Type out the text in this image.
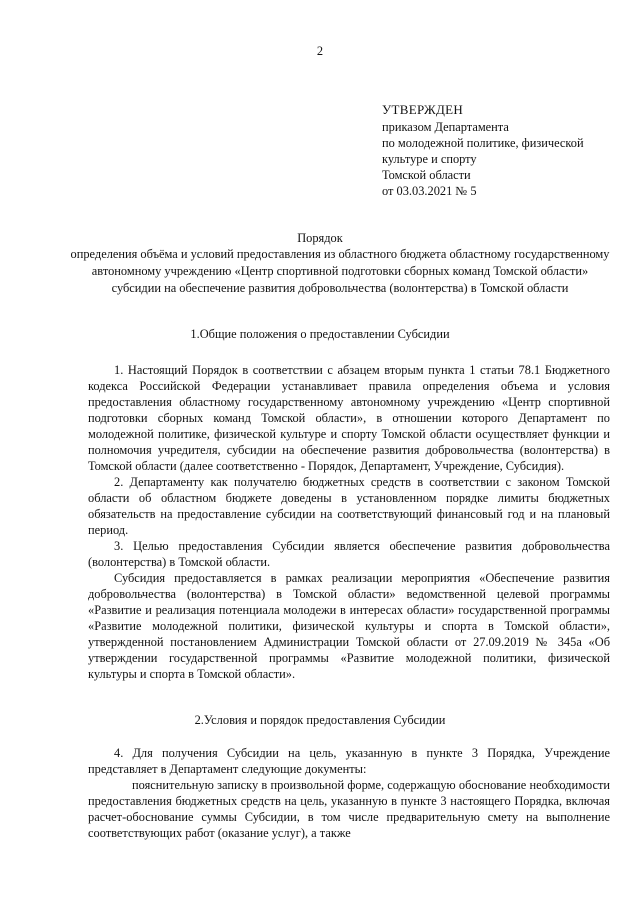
2
УТВЕРЖДЕН
приказом Департамента
по молодежной политике, физической
культуре и спорту
Томской области
от 03.03.2021 № 5
Порядок
определения объёма и условий предоставления из областного бюджета областному государственному автономному учреждению «Центр спортивной подготовки сборных команд Томской области» субсидии на обеспечение развития добровольчества (волонтерства) в Томской области
1.Общие положения о предоставлении Субсидии

1. Настоящий Порядок в соответствии с абзацем вторым пункта 1 статьи 78.1 Бюджетного кодекса Российской Федерации устанавливает правила определения объема и условия предоставления областному государственному автономному учреждению «Центр спортивной подготовки сборных команд Томской области», в отношении которого Департамент по молодежной политике, физической культуре и спорту Томской области осуществляет функции и полномочия учредителя, субсидии на обеспечение развития добровольчества (волонтерства) в Томской области (далее соответственно - Порядок, Департамент, Учреждение, Субсидия).

2. Департаменту как получателю бюджетных средств в соответствии с законом Томской области об областном бюджете доведены в установленном порядке лимиты бюджетных обязательств на предоставление субсидии на соответствующий финансовый год и на плановый период.

3. Целью предоставления Субсидии является обеспечение развития добровольчества (волонтерства) в Томской области.

Субсидия предоставляется в рамках реализации мероприятия «Обеспечение развития добровольчества (волонтерства) в Томской области» ведомственной целевой программы «Развитие и реализация потенциала молодежи в интересах области» государственной программы «Развитие молодежной политики, физической культуры и спорта в Томской области», утвержденной постановлением Администрации Томской области от 27.09.2019 № 345а «Об утверждении государственной программы «Развитие молодежной политики, физической культуры и спорта в Томской области».

2.Условия и порядок предоставления Субсидии

4. Для получения Субсидии на цель, указанную в пункте 3 Порядка, Учреждение представляет в Департамент следующие документы:

пояснительную записку в произвольной форме, содержащую обоснование необходимости предоставления бюджетных средств на цель, указанную в пункте 3 настоящего Порядка, включая расчет-обоснование суммы Субсидии, в том числе предварительную смету на выполнение соответствующих работ (оказание услуг), а также
